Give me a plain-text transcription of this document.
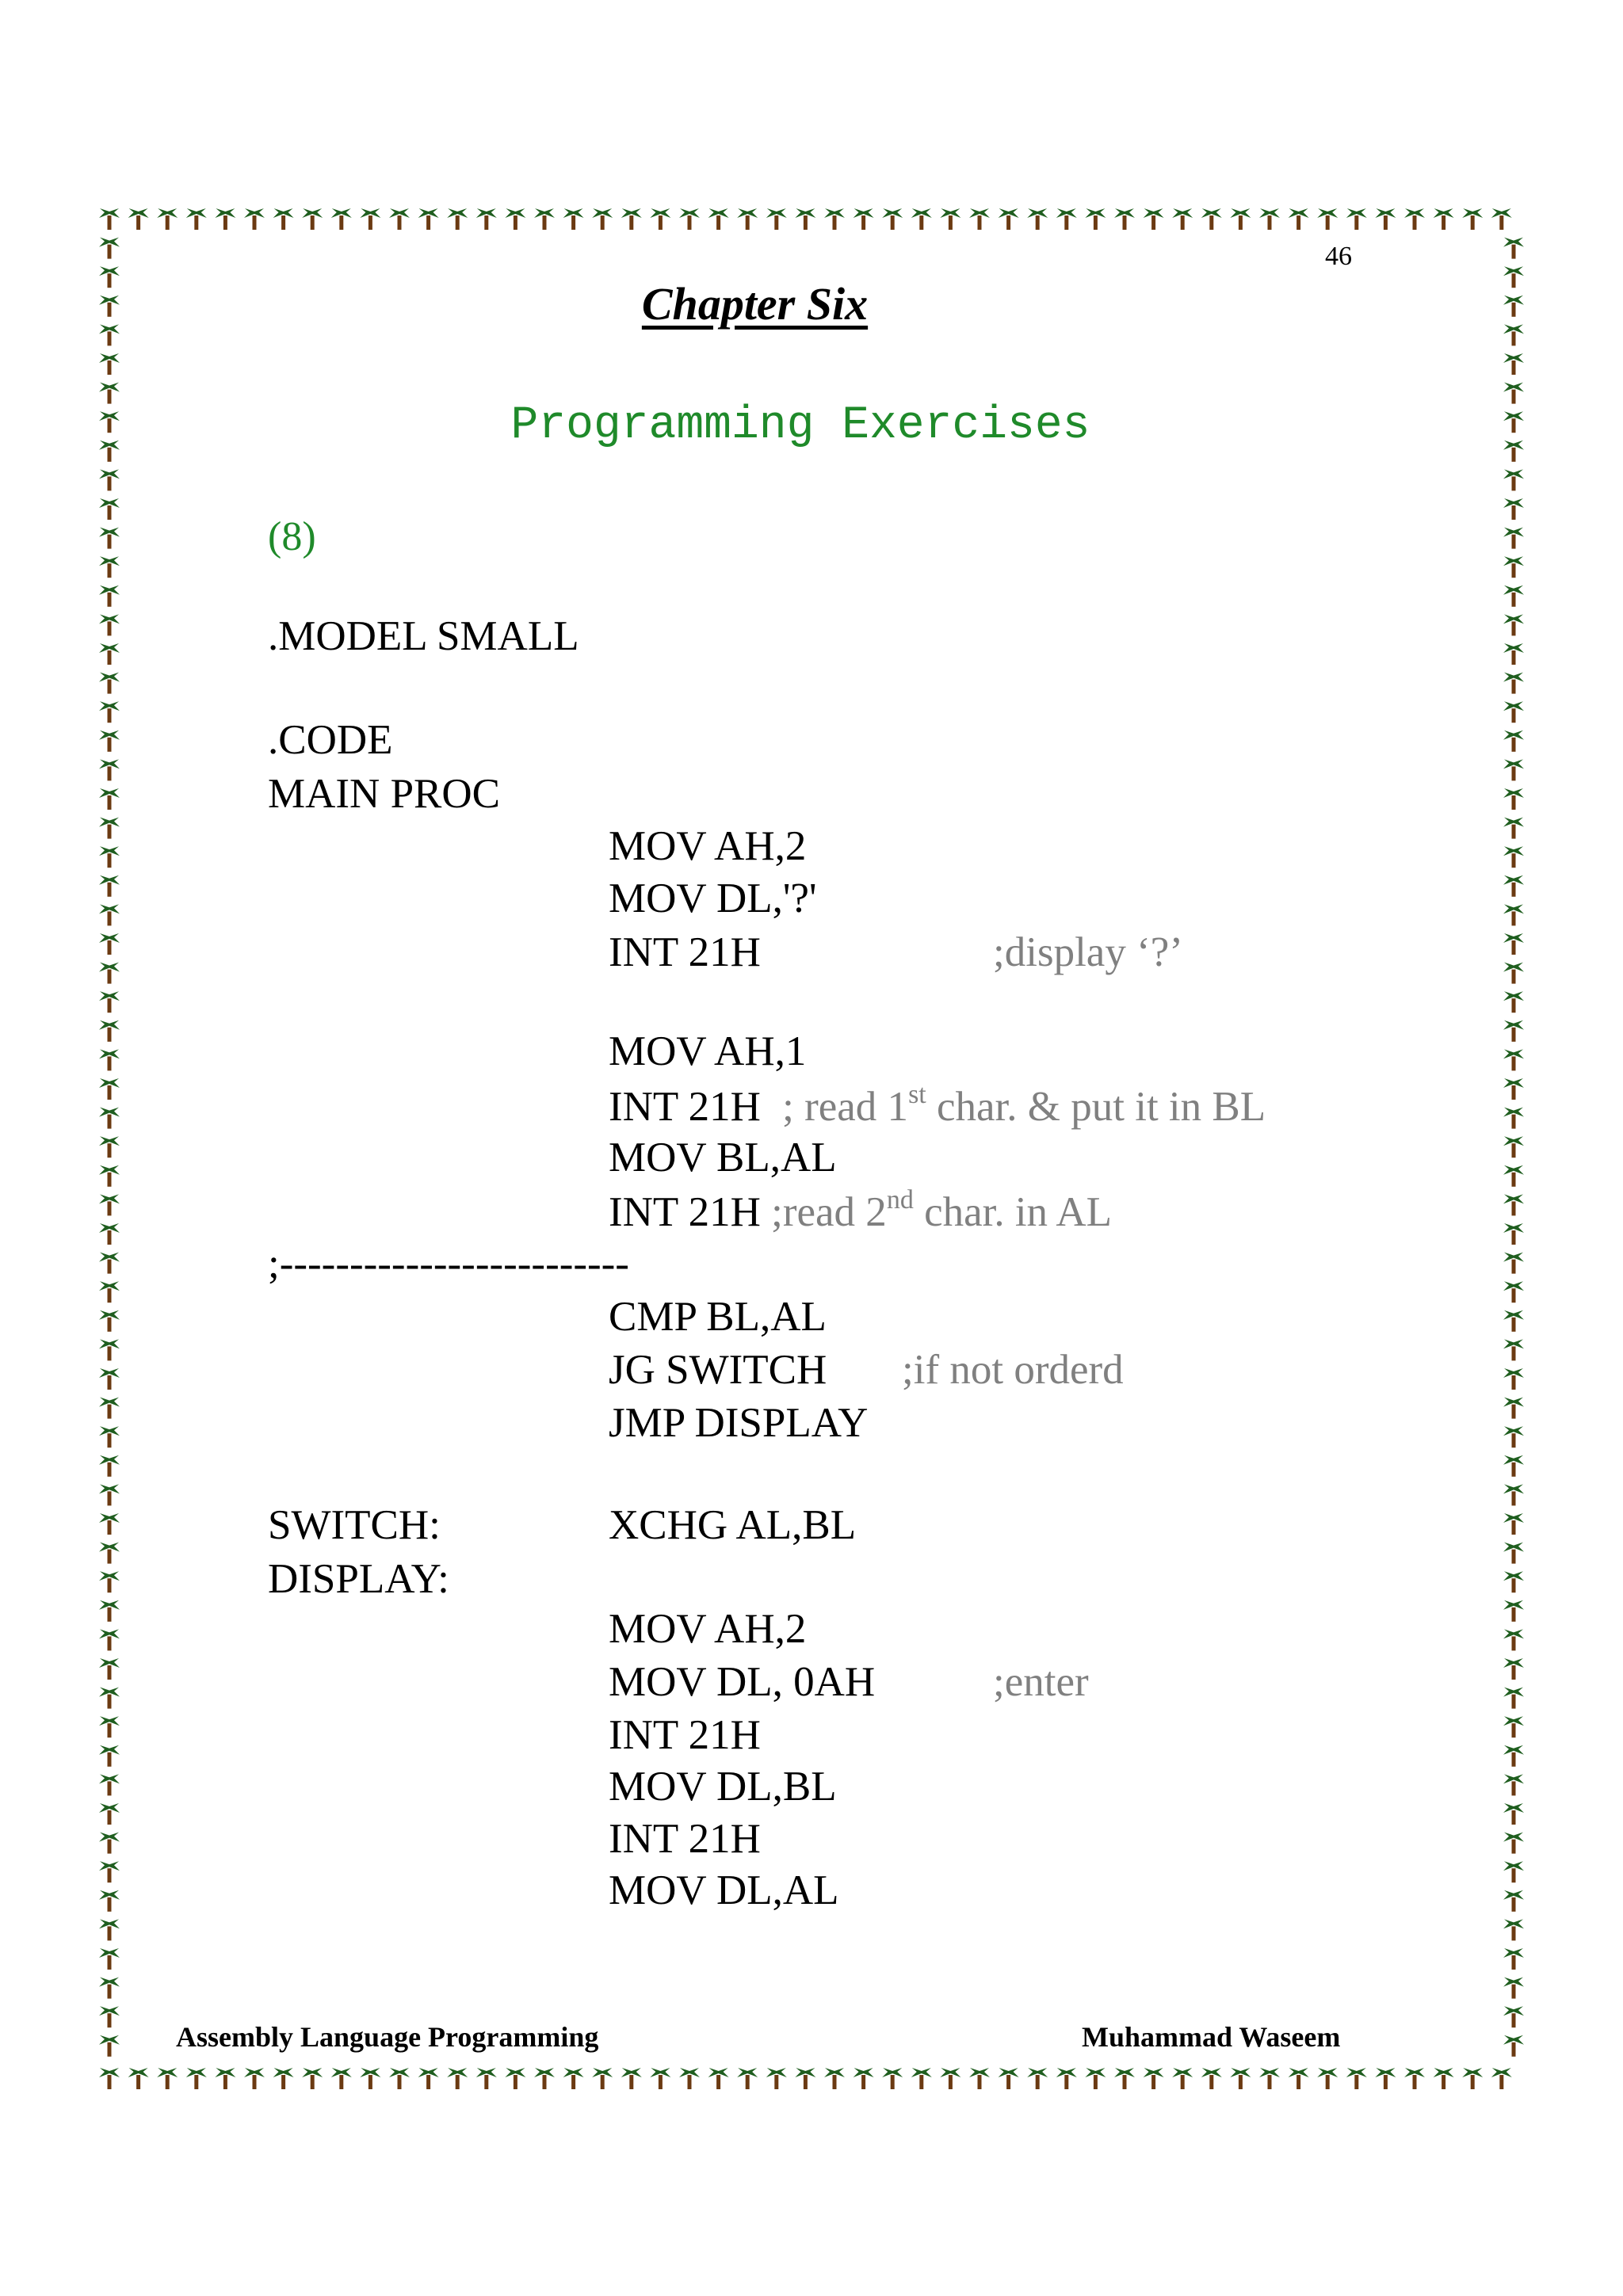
46
Chapter Six
Programming Exercises
(8)
.MODEL SMALL
.CODE
MAIN PROC
MOV AH,2
MOV DL,'?'
INT 21H	;display ‘?’
MOV AH,1
INT 21H ; read 1st char. & put it in BL
MOV BL,AL
INT 21H ;read 2nd char. in AL
;-------------------------
CMP BL,AL
JG SWITCH ;if not orderd
JMP DISPLAY
SWITCH:	XCHG AL,BL
DISPLAY:
MOV AH,2
MOV DL, 0AH	;enter
INT 21H
MOV DL,BL
INT 21H
MOV DL,AL
Assembly Language Programming	Muhammad Waseem
